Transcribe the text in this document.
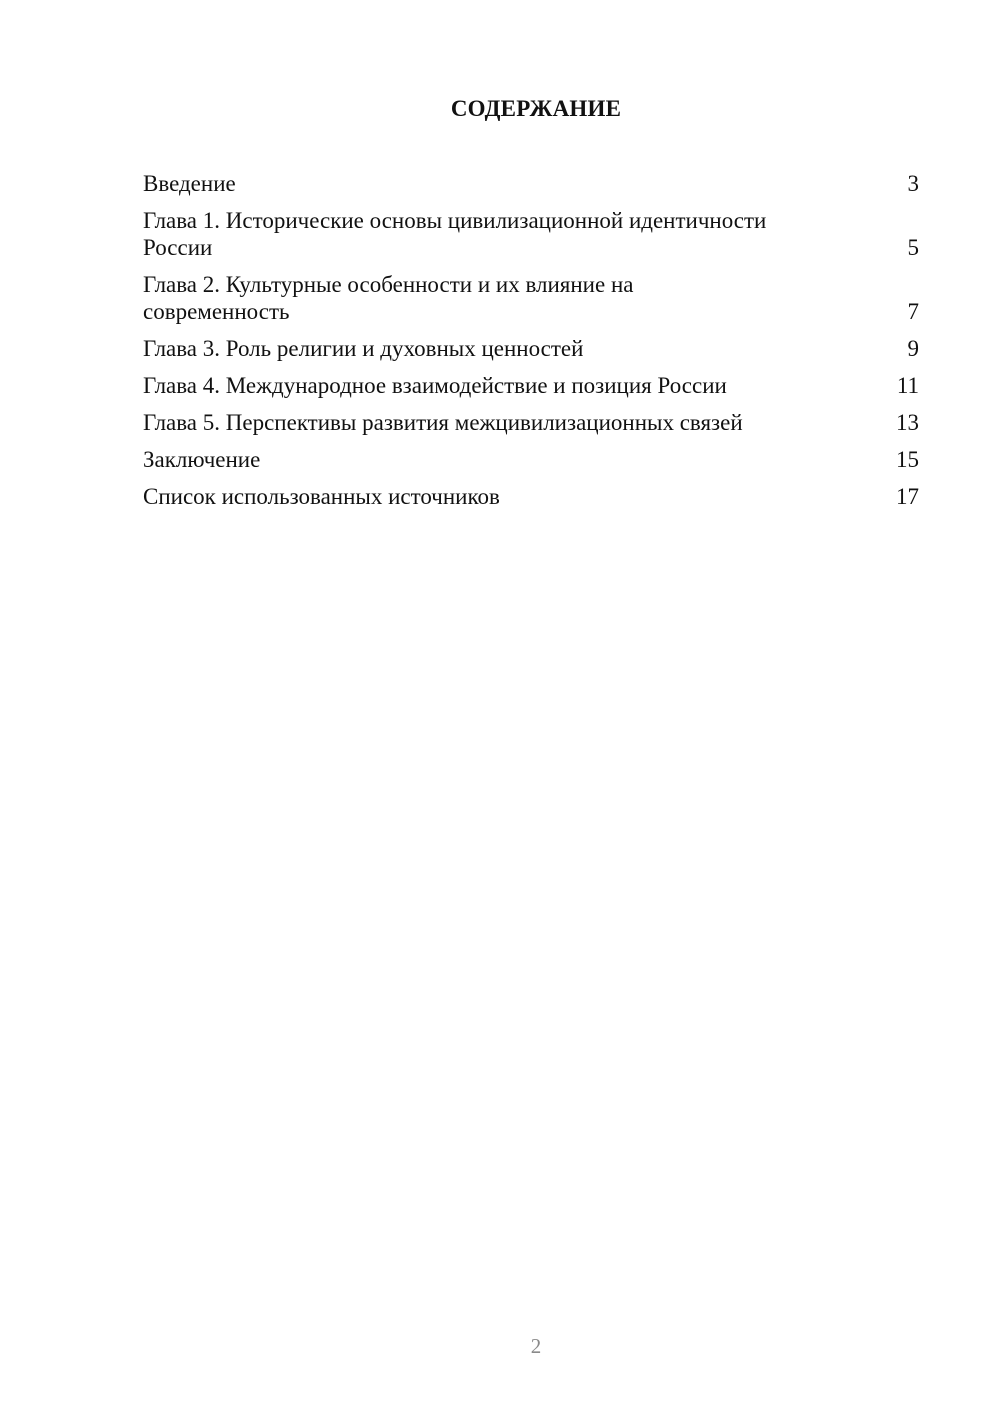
СОДЕРЖАНИЕ
Введение	3
Глава 1. Исторические основы цивилизационной идентичности России	5
Глава 2. Культурные особенности и их влияние на современность	7
Глава 3. Роль религии и духовных ценностей	9
Глава 4. Международное взаимодействие и позиция России	11
Глава 5. Перспективы развития межцивилизационных связей	13
Заключение	15
Список использованных источников	17
2
